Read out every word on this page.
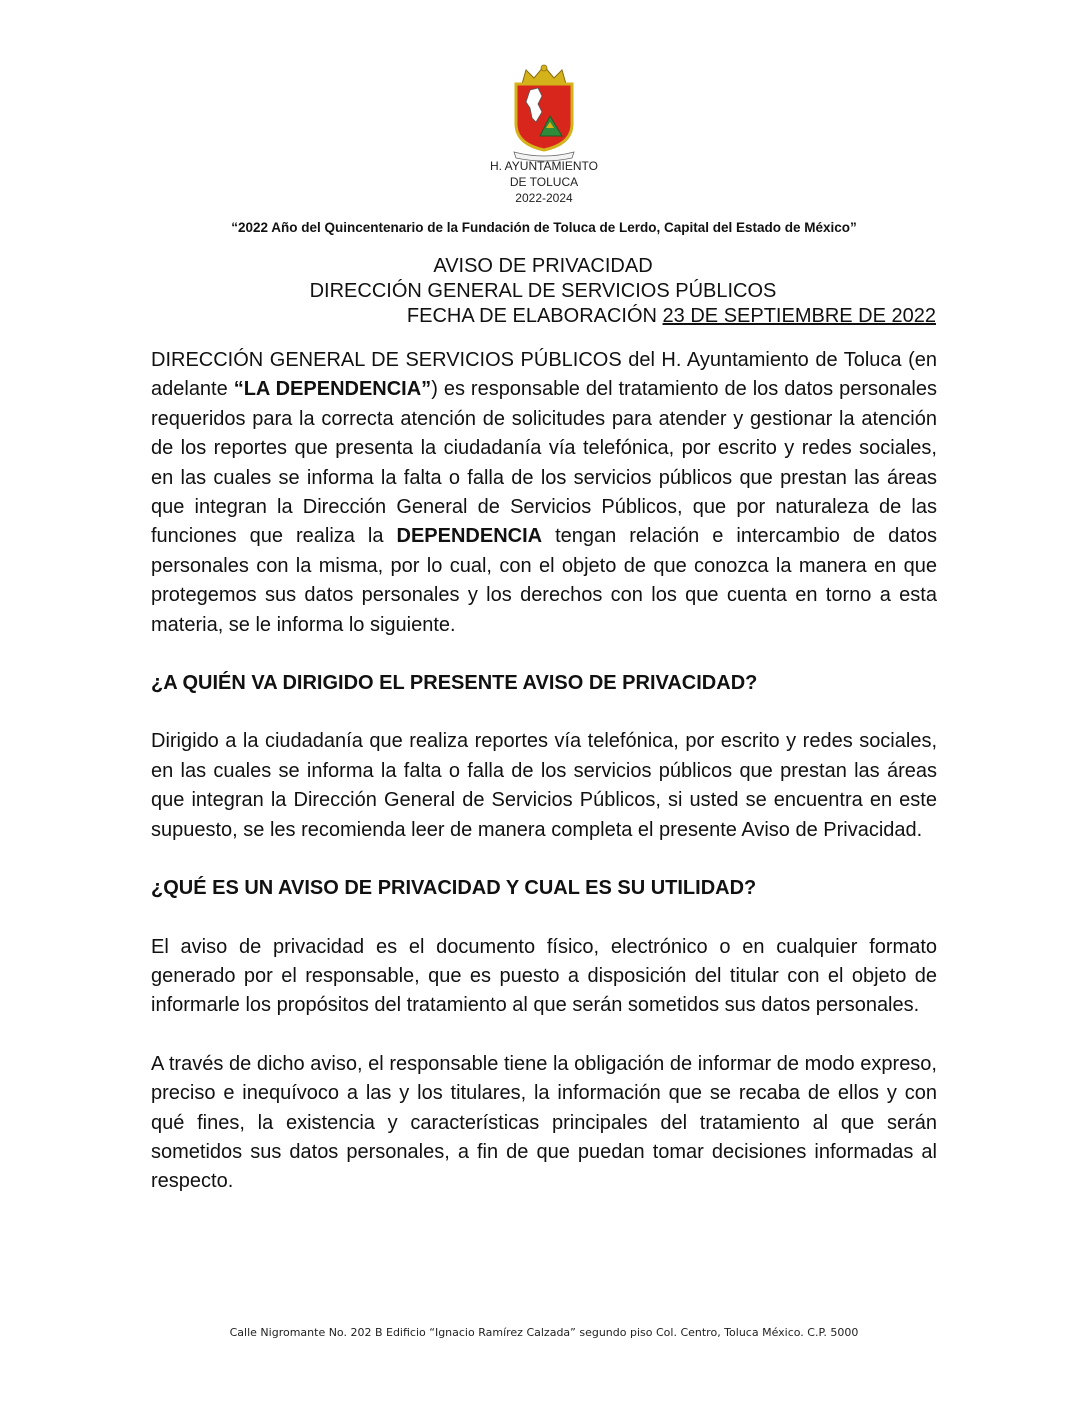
H. AYUNTAMIENTO
DE TOLUCA
2022-2024
“2022 Año del Quincentenario de la Fundación de Toluca de Lerdo, Capital del Estado de México”
AVISO DE PRIVACIDAD
DIRECCIÓN GENERAL DE SERVICIOS PÚBLICOS
FECHA DE ELABORACIÓN 23 DE SEPTIEMBRE DE 2022

DIRECCIÓN GENERAL DE SERVICIOS PÚBLICOS del H. Ayuntamiento de Toluca (en adelante “LA DEPENDENCIA”) es responsable del tratamiento de los datos personales requeridos para la correcta atención de solicitudes para atender y gestionar la atención de los reportes que presenta la ciudadanía vía telefónica, por escrito y redes sociales, en las cuales se informa la falta o falla de los servicios públicos que prestan las áreas que integran la Dirección General de Servicios Públicos, que por naturaleza de las funciones que realiza la DEPENDENCIA tengan relación e intercambio de datos personales con la misma, por lo cual, con el objeto de que conozca la manera en que protegemos sus datos personales y los derechos con los que cuenta en torno a esta materia, se le informa lo siguiente.

¿A QUIÉN VA DIRIGIDO EL PRESENTE AVISO DE PRIVACIDAD?

Dirigido a la ciudadanía que realiza reportes vía telefónica, por escrito y redes sociales, en las cuales se informa la falta o falla de los servicios públicos que prestan las áreas que integran la Dirección General de Servicios Públicos, si usted se encuentra en este supuesto, se les recomienda leer de manera completa el presente Aviso de Privacidad.

¿QUÉ ES UN AVISO DE PRIVACIDAD Y CUAL ES SU UTILIDAD?

El aviso de privacidad es el documento físico, electrónico o en cualquier formato generado por el responsable, que es puesto a disposición del titular con el objeto de informarle los propósitos del tratamiento al que serán sometidos sus datos personales.

A través de dicho aviso, el responsable tiene la obligación de informar de modo expreso, preciso e inequívoco a las y los titulares, la información que se recaba de ellos y con qué fines, la existencia y características principales del tratamiento al que serán sometidos sus datos personales, a fin de que puedan tomar decisiones informadas al respecto.

Calle Nigromante No. 202 B Edificio “Ignacio Ramírez Calzada” segundo piso Col. Centro, Toluca México. C.P. 5000
